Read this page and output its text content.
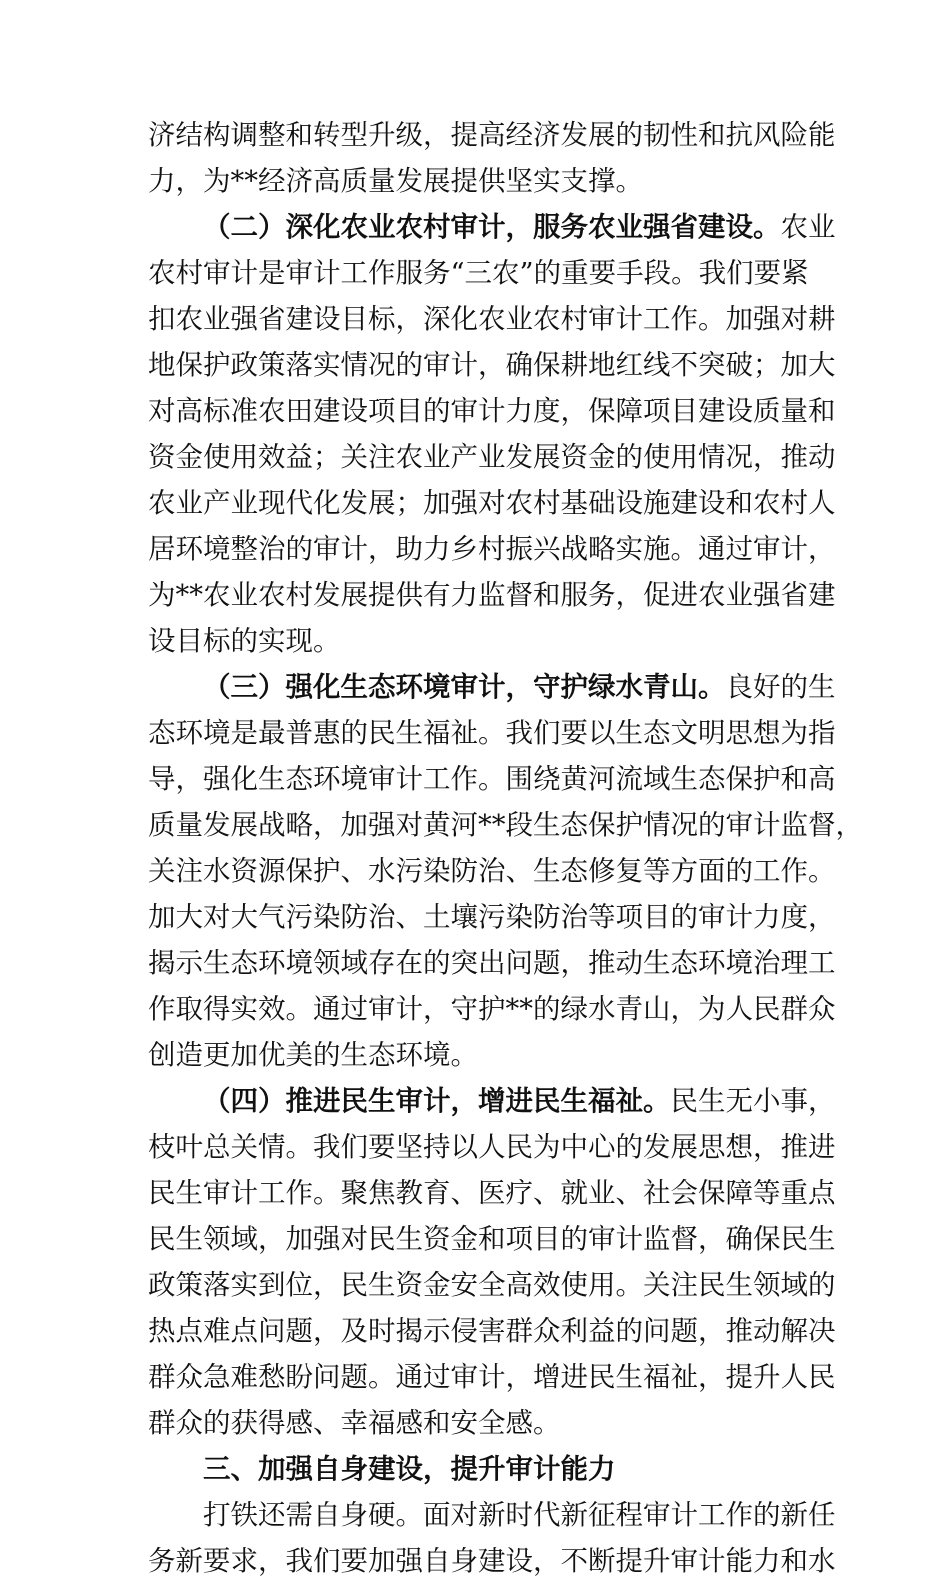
济结构调整和转型升级，提高经济发展的韧性和抗风险能
力，为**经济高质量发展提供坚实支撑。
（二）深化农业农村审计，服务农业强省建设。农业
农村审计是审计工作服务“三农”的重要手段。我们要紧
扣农业强省建设目标，深化农业农村审计工作。加强对耕
地保护政策落实情况的审计，确保耕地红线不突破；加大
对高标准农田建设项目的审计力度，保障项目建设质量和
资金使用效益；关注农业产业发展资金的使用情况，推动
农业产业现代化发展；加强对农村基础设施建设和农村人
居环境整治的审计，助力乡村振兴战略实施。通过审计，
为**农业农村发展提供有力监督和服务，促进农业强省建
设目标的实现。
（三）强化生态环境审计，守护绿水青山。良好的生
态环境是最普惠的民生福祉。我们要以生态文明思想为指
导，强化生态环境审计工作。围绕黄河流域生态保护和高
质量发展战略，加强对黄河**段生态保护情况的审计监督，
关注水资源保护、水污染防治、生态修复等方面的工作。
加大对大气污染防治、土壤污染防治等项目的审计力度，
揭示生态环境领域存在的突出问题，推动生态环境治理工
作取得实效。通过审计，守护**的绿水青山，为人民群众
创造更加优美的生态环境。
（四）推进民生审计，增进民生福祉。民生无小事，
枝叶总关情。我们要坚持以人民为中心的发展思想，推进
民生审计工作。聚焦教育、医疗、就业、社会保障等重点
民生领域，加强对民生资金和项目的审计监督，确保民生
政策落实到位，民生资金安全高效使用。关注民生领域的
热点难点问题，及时揭示侵害群众利益的问题，推动解决
群众急难愁盼问题。通过审计，增进民生福祉，提升人民
群众的获得感、幸福感和安全感。
三、加强自身建设，提升审计能力
打铁还需自身硬。面对新时代新征程审计工作的新任
务新要求，我们要加强自身建设，不断提升审计能力和水
